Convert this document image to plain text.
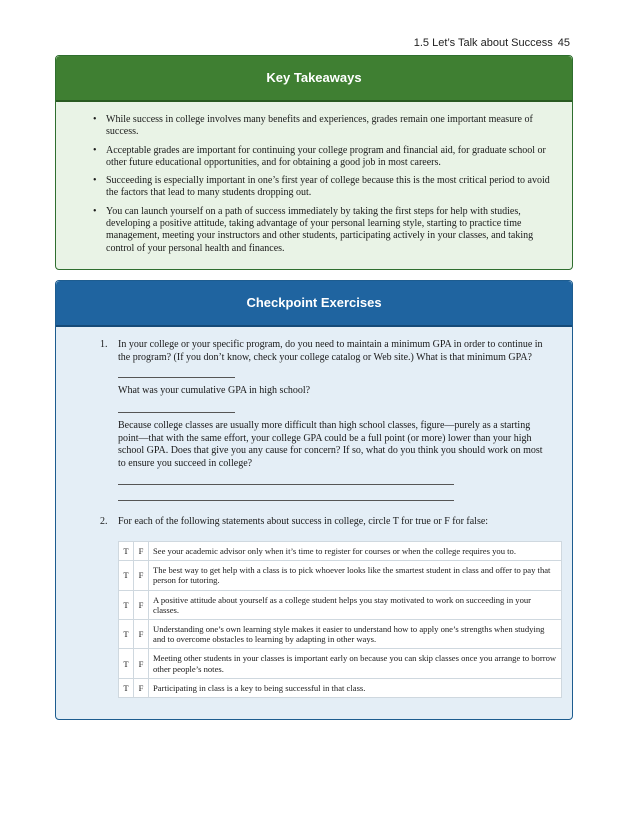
1.5 Let’s Talk about Success 45
Key Takeaways
• While success in college involves many benefits and experiences, grades remain one important measure of success.
• Acceptable grades are important for continuing your college program and financial aid, for graduate school or other future educational opportunities, and for obtaining a good job in most careers.
• Succeeding is especially important in one’s first year of college because this is the most critical period to avoid the factors that lead to many students dropping out.
• You can launch yourself on a path of success immediately by taking the first steps for help with studies, developing a positive attitude, taking advantage of your personal learning style, starting to practice time management, meeting your instructors and other students, participating actively in your classes, and taking control of your personal health and finances.
Checkpoint Exercises
1. In your college or your specific program, do you need to maintain a minimum GPA in order to continue in the program? (If you don’t know, check your college catalog or Web site.) What is that minimum GPA?
What was your cumulative GPA in high school?
Because college classes are usually more difficult than high school classes, figure—purely as a starting point—that with the same effort, your college GPA could be a full point (or more) lower than your high school GPA. Does that give you any cause for concern? If so, what do you think you should work on most to ensure you succeed in college?
2. For each of the following statements about success in college, circle T for true or F for false:
T	F	See your academic advisor only when it’s time to register for courses or when the college requires you to.
T	F	The best way to get help with a class is to pick whoever looks like the smartest student in class and offer to pay that person for tutoring.
T	F	A positive attitude about yourself as a college student helps you stay motivated to work on succeeding in your classes.
T	F	Understanding one’s own learning style makes it easier to understand how to apply one’s strengths when studying and to overcome obstacles to learning by adapting in other ways.
T	F	Meeting other students in your classes is important early on because you can skip classes once you arrange to borrow other people’s notes.
T	F	Participating in class is a key to being successful in that class.
